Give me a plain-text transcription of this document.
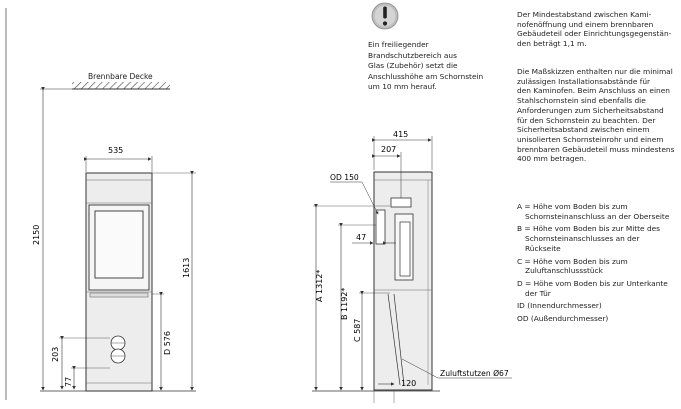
Brennbare Decke
535
2150
1613
D 576
203
77
415
207
OD 150
47
A 1312*
B 1192*
C 587
120
Zuluftstutzen Ø67
Ein freiliegender
Brandschutzbereich aus
Glas (Zubehör) setzt die
Anschlusshöhe am Schornstein
um 10 mm herauf.

Der Mindestabstand zwischen Kami-

nofenöffnung und einem brennbaren

Gebäudeteil oder Einrichtungsgegenstän-

den beträgt 1,1 m.

Die Maßskizzen enthalten nur die minimal

zulässigen Installationsabstände für

den Kaminofen. Beim Anschluss an einen

Stahlschornstein sind ebenfalls die

Anforderungen zum Sicherheitsabstand

für den Schornstein zu beachten. Der

Sicherheitsabstand zwischen einem

unisolierten Schornsteinrohr und einem

brennbaren Gebäudeteil muss mindestens

400 mm betragen.

A = Höhe vom Boden bis zum

Schornsteinanschluss an der Oberseite

B = Höhe vom Boden bis zur Mitte des

Schornsteinanschlusses an der

Rückseite

C = Höhe vom Boden bis zum

Zuluftanschlussstück

D = Höhe vom Boden bis zur Unterkante

der Tür

ID (Innendurchmesser)

OD (Außendurchmesser)
